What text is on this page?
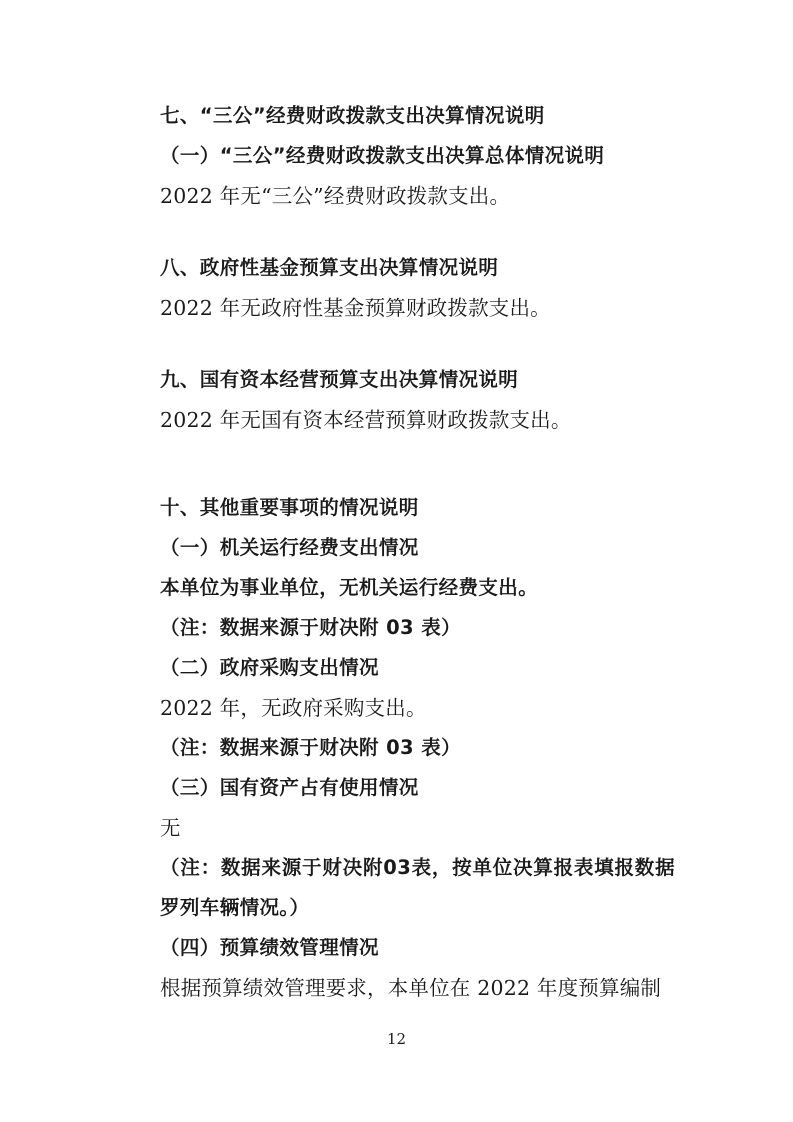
七、“三公”经费财政拨款支出决算情况说明

（一）“三公”经费财政拨款支出决算总体情况说明

2022 年无“三公”经费财政拨款支出。

八、政府性基金预算支出决算情况说明

2022 年无政府性基金预算财政拨款支出。

九、国有资本经营预算支出决算情况说明

2022 年无国有资本经营预算财政拨款支出。

十、其他重要事项的情况说明

（一）机关运行经费支出情况

本单位为事业单位，无机关运行经费支出。

（注：数据来源于财决附 03 表）

（二）政府采购支出情况

2022 年，无政府采购支出。

（注：数据来源于财决附 03 表）

（三）国有资产占有使用情况

无

（注：数据来源于财决附03表，按单位决算报表填报数据罗列车辆情况。）

（四）预算绩效管理情况

根据预算绩效管理要求，本单位在 2022 年度预算编制

12
